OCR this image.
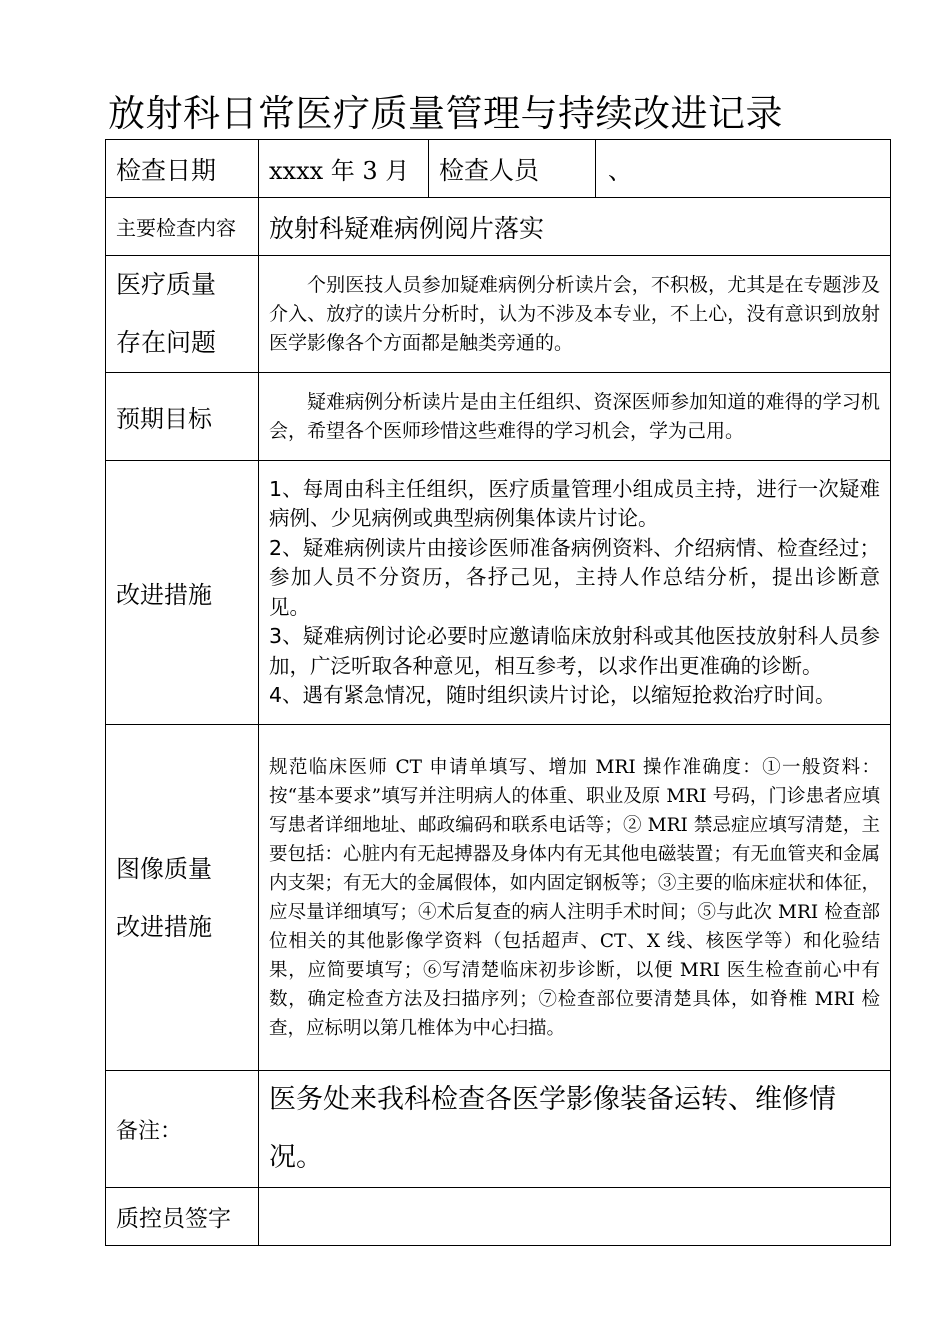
放射科日常医疗质量管理与持续改进记录
检查日期	xxxx 年 3 月	检查人员	、
主要检查内容	放射科疑难病例阅片落实		

医疗质量
存在问题	个别医技人员参加疑难病例分析读片会，不积极，尤其是在专题涉及介入、放疗的读片分析时，认为不涉及本专业，不上心，没有意识到放射医学影像各个方面都是触类旁通的。		

预期目标	疑难病例分析读片是由主任组织、资深医师参加知道的难得的学习机会，希望各个医师珍惜这些难得的学习机会，学为己用。		

改进措施	1、每周由科主任组织，医疗质量管理小组成员主持，进行一次疑难病例、少见病例或典型病例集体读片讨论。
2、疑难病例读片由接诊医师准备病例资料、介绍病情、检查经过；参加人员不分资历，各抒己见，主持人作总结分析，提出诊断意见。
3、疑难病例讨论必要时应邀请临床放射科或其他医技放射科人员参加，广泛听取各种意见，相互参考，以求作出更准确的诊断。
4、遇有紧急情况，随时组织读片讨论，以缩短抢救治疗时间。		

图像质量
改进措施	规范临床医师 CT 申请单填写、增加 MRI 操作准确度：①一般资料：按“基本要求”填写并注明病人的体重、职业及原 MRI 号码，门诊患者应填写患者详细地址、邮政编码和联系电话等；② MRI 禁忌症应填写清楚，主要包括：心脏内有无起搏器及身体内有无其他电磁装置；有无血管夹和金属内支架；有无大的金属假体，如内固定钢板等；③主要的临床症状和体征，应尽量详细填写；④术后复查的病人注明手术时间；⑤与此次 MRI 检查部位相关的其他影像学资料（包括超声、CT、X 线、核医学等）和化验结果，应简要填写；⑥写清楚临床初步诊断，以便 MRI 医生检查前心中有数，确定检查方法及扫描序列；⑦检查部位要清楚具体，如脊椎 MRI 检查，应标明以第几椎体为中心扫描。		

备注：	医务处来我科检查各医学影像装备运转、维修情况。		

质控员签字			
